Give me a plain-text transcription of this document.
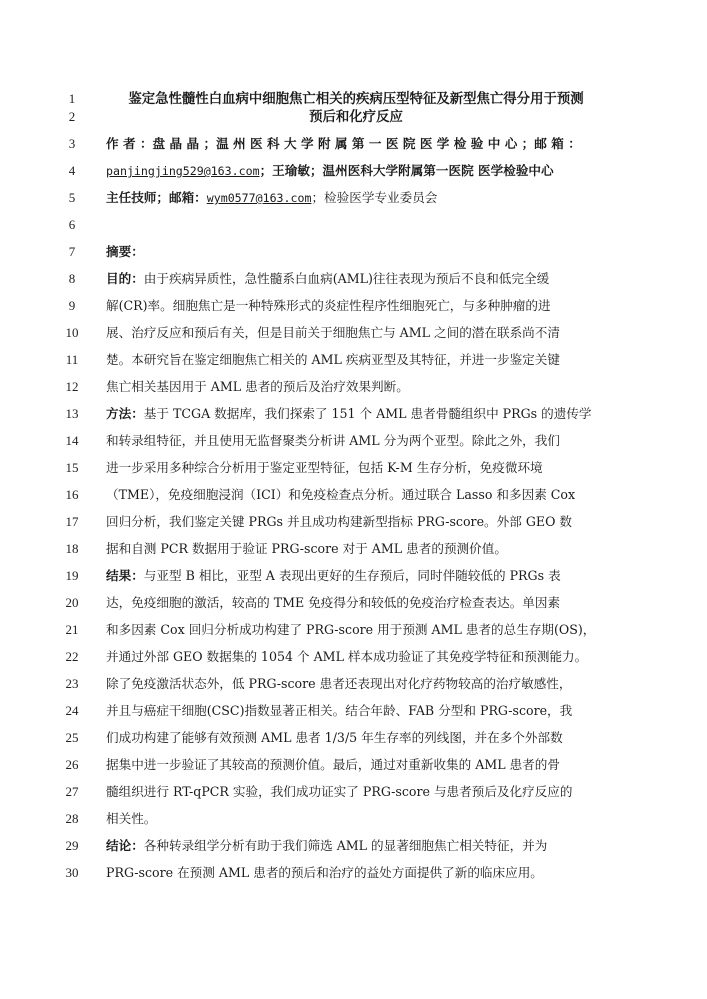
1	鉴定急性髓性白血病中细胞焦亡相关的疾病压型特征及新型焦亡得分用于预测
2	预后和化疗反应
3	作 者 ：盘 晶 晶 ；温 州 医 科 大 学 附 属 第 一 医 院 医 学 检 验 中 心 ；邮 箱 ：
4	panjingjing529@163.com；王瑜敏；温州医科大学附属第一医院 医学检验中心
5	主任技师；邮箱：wym0577@163.com；检验医学专业委员会
6
7	摘要：
8	目的：由于疾病异质性，急性髓系白血病(AML)往往表现为预后不良和低完全缓
9	解(CR)率。细胞焦亡是一种特殊形式的炎症性程序性细胞死亡，与多种肿瘤的进
10	展、治疗反应和预后有关，但是目前关于细胞焦亡与 AML 之间的潜在联系尚不清
11	楚。本研究旨在鉴定细胞焦亡相关的 AML 疾病亚型及其特征，并进一步鉴定关键
12	焦亡相关基因用于 AML 患者的预后及治疗效果判断。
13	方法：基于 TCGA 数据库，我们探索了 151 个 AML 患者骨髓组织中 PRGs 的遗传学
14	和转录组特征，并且使用无监督聚类分析讲 AML 分为两个亚型。除此之外，我们
15	进一步采用多种综合分析用于鉴定亚型特征，包括 K-M 生存分析，免疫微环境
16	（TME），免疫细胞浸润（ICI）和免疫检查点分析。通过联合 Lasso 和多因素 Cox
17	回归分析，我们鉴定关键 PRGs 并且成功构建新型指标 PRG-score。外部 GEO 数
18	据和自测 PCR 数据用于验证 PRG-score 对于 AML 患者的预测价值。
19	结果：与亚型 B 相比，亚型 A 表现出更好的生存预后，同时伴随较低的 PRGs 表
20	达，免疫细胞的激活，较高的 TME 免疫得分和较低的免疫治疗检查表达。单因素
21	和多因素 Cox 回归分析成功构建了 PRG-score 用于预测 AML 患者的总生存期(OS)，
22	并通过外部 GEO 数据集的 1054 个 AML 样本成功验证了其免疫学特征和预测能力。
23	除了免疫激活状态外，低 PRG-score 患者还表现出对化疗药物较高的治疗敏感性，
24	并且与癌症干细胞(CSC)指数显著正相关。结合年龄、FAB 分型和 PRG-score，我
25	们成功构建了能够有效预测 AML 患者 1/3/5 年生存率的列线图，并在多个外部数
26	据集中进一步验证了其较高的预测价值。最后，通过对重新收集的 AML 患者的骨
27	髓组织进行 RT-qPCR 实验，我们成功证实了 PRG-score 与患者预后及化疗反应的
28	相关性。
29	结论：各种转录组学分析有助于我们筛选 AML 的显著细胞焦亡相关特征，并为
30	PRG-score 在预测 AML 患者的预后和治疗的益处方面提供了新的临床应用。
